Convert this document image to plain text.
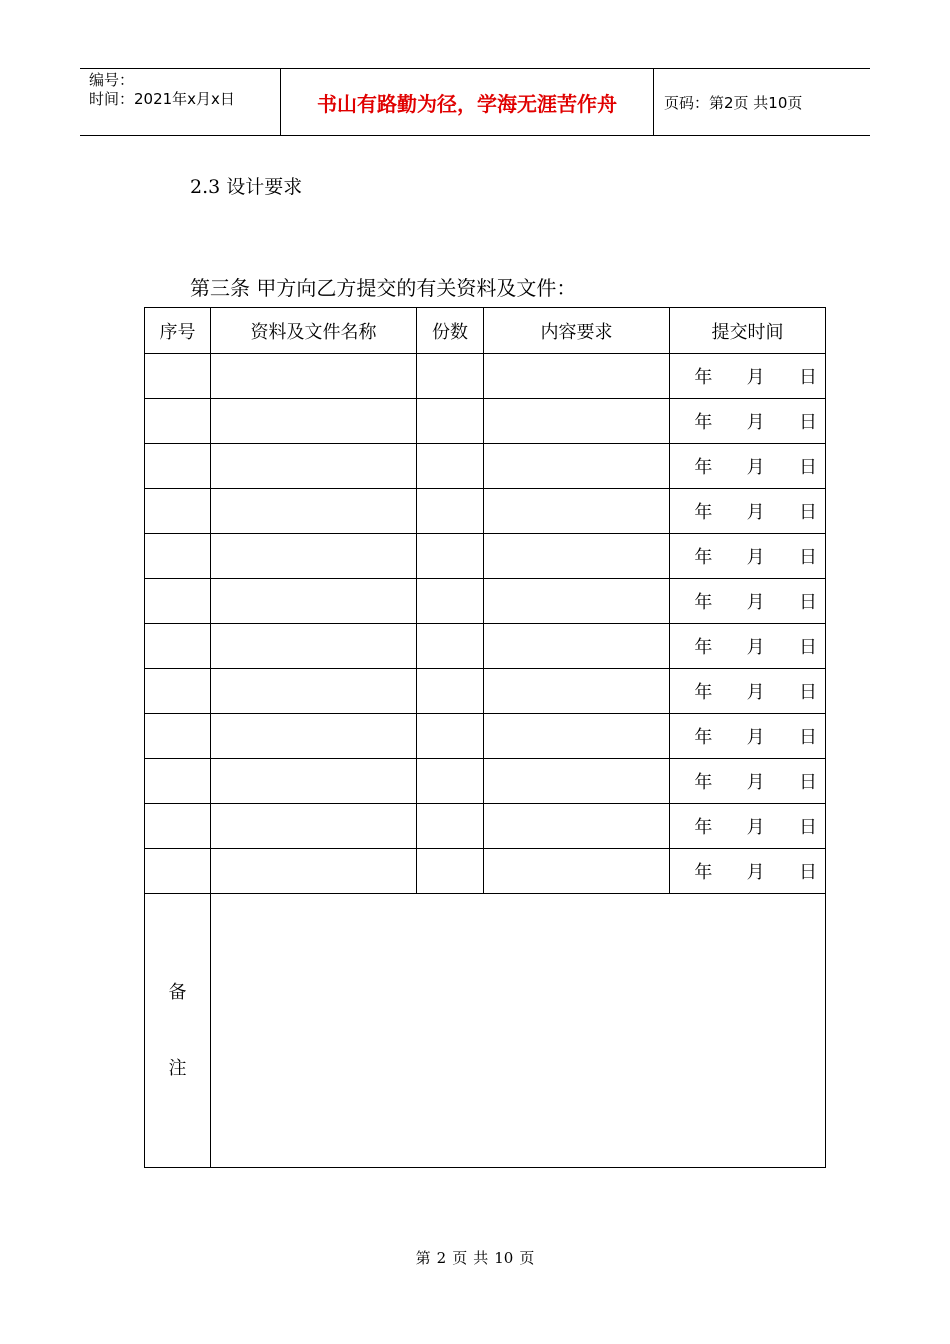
编号：
时间：2021年x月x日	书山有路勤为径，学海无涯苦作舟	页码：第2页 共10页
2.3 设计要求
第三条 甲方向乙方提交的有关资料及文件：
序号	资料及文件名称	份数	内容要求	提交时间
				年      月      日
				年      月      日
				年      月      日
				年      月      日
				年      月      日
				年      月      日
				年      月      日
				年      月      日
				年      月      日
				年      月      日
				年      月      日
				年      月      日

备
注				

第 2 页 共 10 页
